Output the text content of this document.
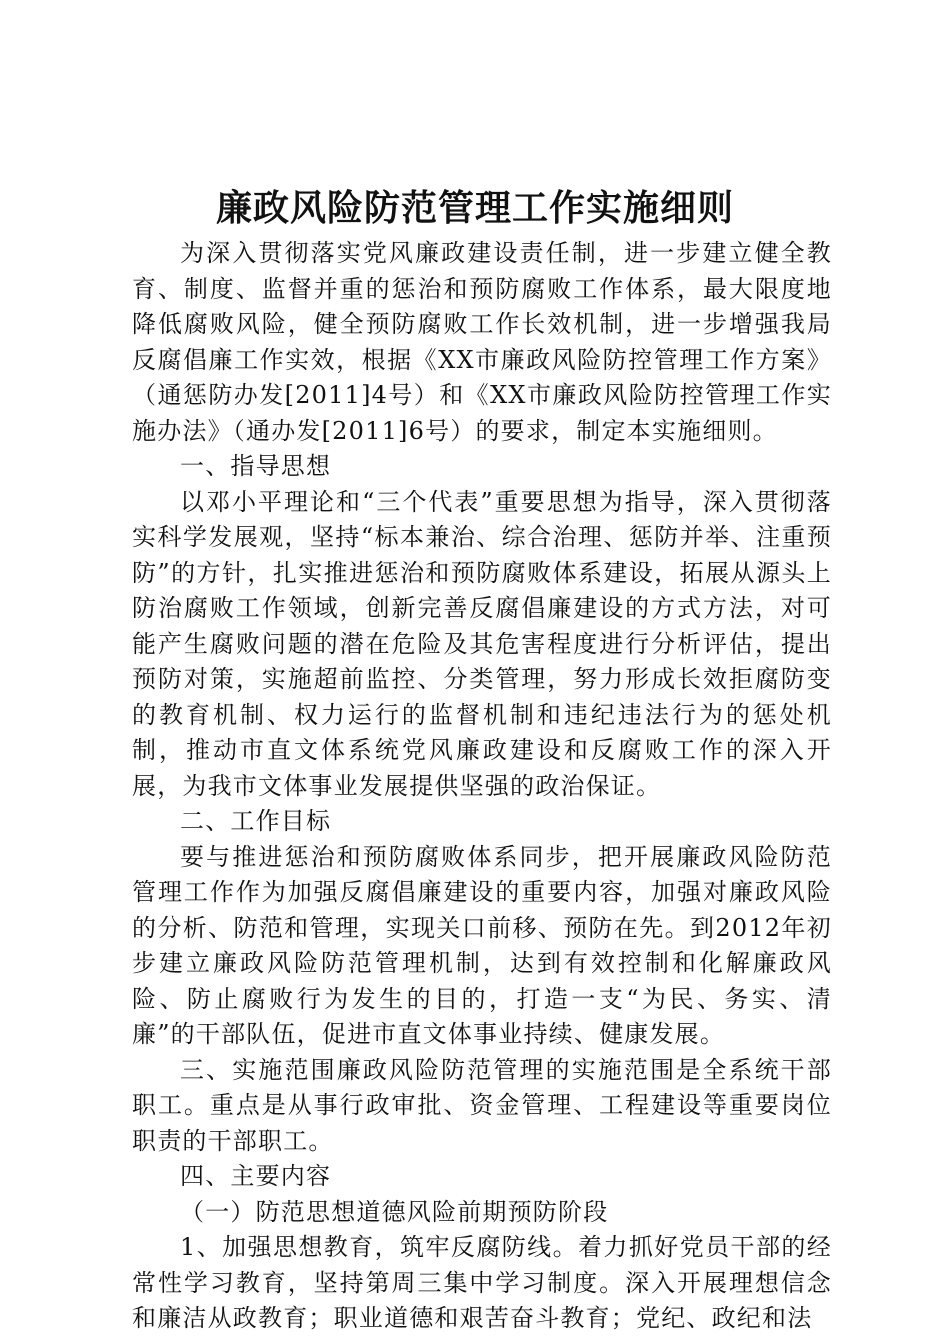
廉政风险防范管理工作实施细则

为深入贯彻落实党风廉政建设责任制，进一步建立健全教育、制度、监督并重的惩治和预防腐败工作体系，最大限度地降低腐败风险，健全预防腐败工作长效机制，进一步增强我局反腐倡廉工作实效，根据《XX市廉政风险防控管理工作方案》（通惩防办发[2011]4号）和《XX市廉政风险防控管理工作实施办法》（通办发[2011]6号）的要求，制定本实施细则。

一、指导思想

以邓小平理论和“三个代表”重要思想为指导，深入贯彻落实科学发展观，坚持“标本兼治、综合治理、惩防并举、注重预防”的方针，扎实推进惩治和预防腐败体系建设，拓展从源头上防治腐败工作领域，创新完善反腐倡廉建设的方式方法，对可能产生腐败问题的潜在危险及其危害程度进行分析评估，提出预防对策，实施超前监控、分类管理，努力形成长效拒腐防变的教育机制、权力运行的监督机制和违纪违法行为的惩处机制，推动市直文体系统党风廉政建设和反腐败工作的深入开展，为我市文体事业发展提供坚强的政治保证。

二、工作目标

要与推进惩治和预防腐败体系同步，把开展廉政风险防范管理工作作为加强反腐倡廉建设的重要内容，加强对廉政风险的分析、防范和管理，实现关口前移、预防在先。到2012年初步建立廉政风险防范管理机制，达到有效控制和化解廉政风险、防止腐败行为发生的目的，打造一支“为民、务实、清廉”的干部队伍，促进市直文体事业持续、健康发展。

三、实施范围廉政风险防范管理的实施范围是全系统干部职工。重点是从事行政审批、资金管理、工程建设等重要岗位职责的干部职工。

四、主要内容

（一）防范思想道德风险前期预防阶段

1、加强思想教育，筑牢反腐防线。着力抓好党员干部的经常性学习教育，坚持第周三集中学习制度。深入开展理想信念和廉洁从政教育；职业道德和艰苦奋斗教育；党纪、政纪和法
